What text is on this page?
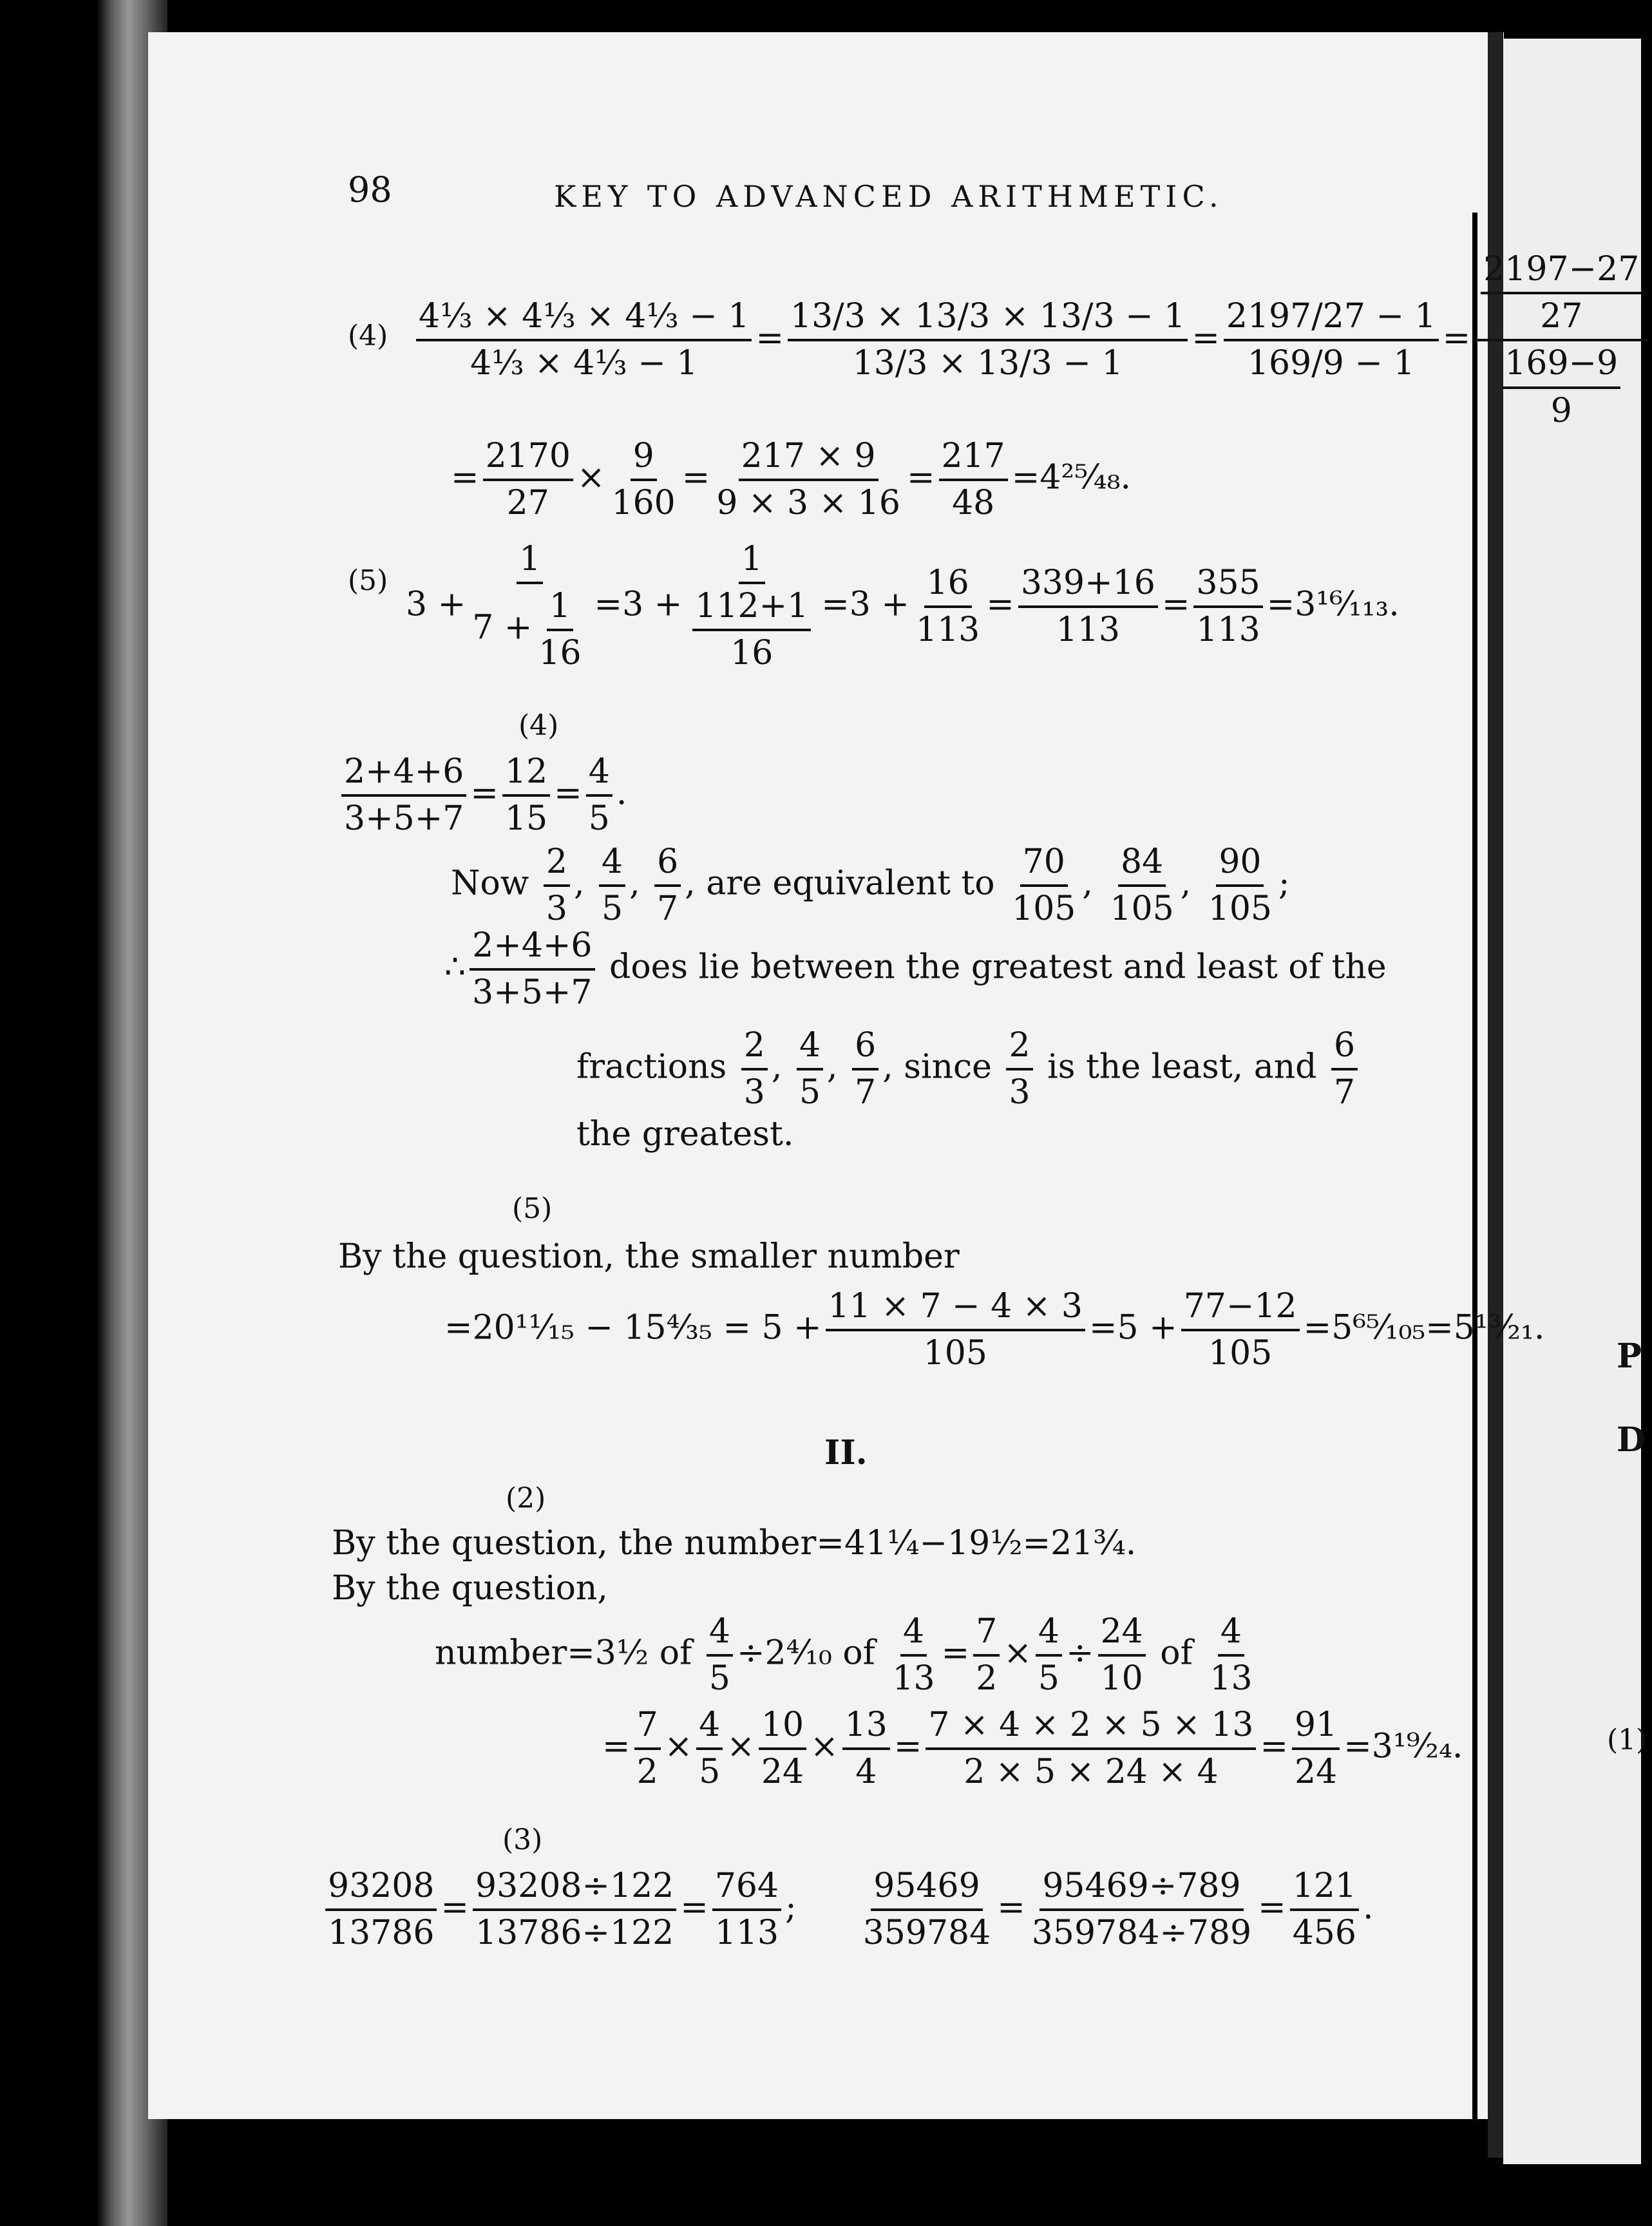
98	KEY TO ADVANCED ARITHMETIC.
$(4) \frac{\text{4⅓ × 4⅓ × 4⅓ − 1}}{\text{4⅓ × 4⅓ − 1}} = \frac{13/3 \times 13/3 \times 13/3 - 1}{13/3 \times 13/3 - 1} = \frac{2197/27 - 1}{169/9 - 1} = \frac{\frac{2197-27}{27}}{\frac{169-9}{9}}$
= $\frac{2170}{27} \times \frac{9}{160} = \frac{217 \times 9}{9 \times 3 \times 16} = \frac{217}{48}$ =4²⁵⁄₄₈.
(5)
$3 + \frac{1}{7 + \frac{1}{16}} =3 + \frac{1}{\frac{112+1}{16}} =3 + \frac{16}{113} = \frac{339+16}{113} = \frac{355}{113}$ =3¹⁶⁄₁₁₃.
(4)
$\frac{2+4+6}{3+5+7} = \frac{12}{15} = \frac{4}{5}$ .
Now $\frac{2}{3}$ , $\frac{4}{5}$ , $\frac{6}{7}$ , are equivalent to $\frac{70}{105}$ , $\frac{84}{105}$ , $\frac{90}{105}$ ;
∴ $\frac{2+4+6}{3+5+7}$ does lie between the greatest and least of the
fractions $\frac{2}{3}$ , $\frac{4}{5}$ , $\frac{6}{7}$ , since $\frac{2}{3}$ is the least, and $\frac{6}{7}$
the greatest.
(5)
By the question, the smaller number
=20¹¹⁄₁₅ − 15⁴⁄₃₅ = $5 + \frac{11 \times 7 - 4 \times 3}{105} =5 + \frac{77-12}{105}$ =5⁶⁵⁄₁₀₅=5¹³⁄₂₁.
II.
(2)
By the question, the number=41¼−19½=21¾.
By the question,
number=3½ of $\frac{4}{5}$ ÷2⁴⁄₁₀ of $\frac{4}{13} = \frac{7}{2} \times \frac{4}{5} \div \frac{24}{10}$ of $\frac{4}{13}$
= $\frac{7}{2} \times \frac{4}{5} \times \frac{10}{24} \times \frac{13}{4} = \frac{7 \times 4 \times 2 \times 5 \times 13}{2 \times 5 \times 24 \times 4} = \frac{91}{24}$ =3¹⁹⁄₂₄.
(3)
$\frac{93208}{13786} = \frac{93208\div 122}{13786\div 122} = \frac{764}{113}$ ; $\frac{95469}{359784} = \frac{95469\div 789}{359784\div 789} = \frac{121}{456}$ .
P
D
(1)
